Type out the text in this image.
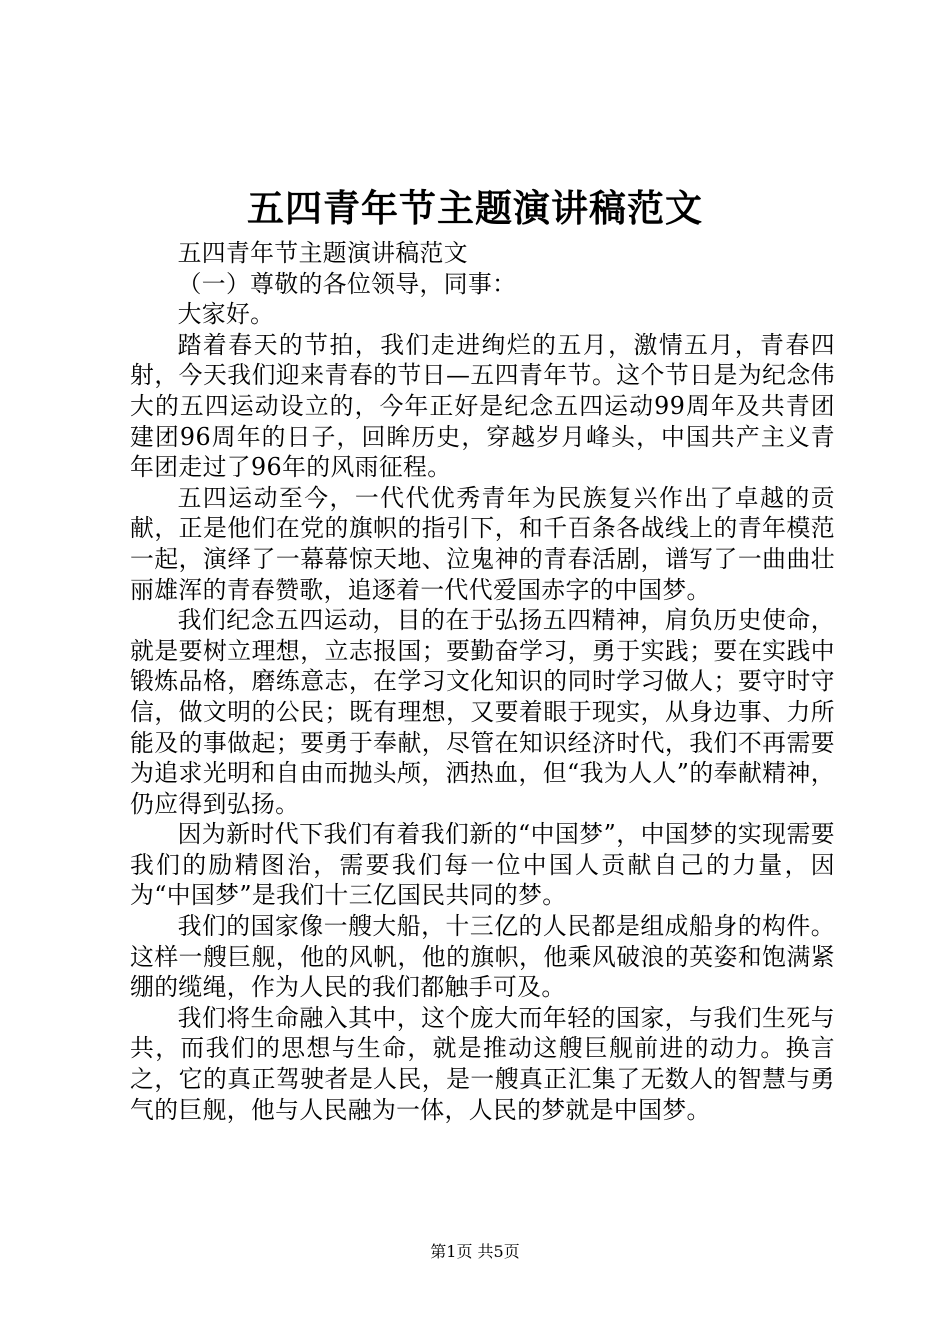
五四青年节主题演讲稿范文

五四青年节主题演讲稿范文

（一）尊敬的各位领导，同事：

大家好。

踏着春天的节拍，我们走进绚烂的五月，激情五月，青春四射，今天我们迎来青春的节日—五四青年节。这个节日是为纪念伟大的五四运动设立的，今年正好是纪念五四运动99周年及共青团建团96周年的日子，回眸历史，穿越岁月峰头，中国共产主义青年团走过了96年的风雨征程。

五四运动至今，一代代优秀青年为民族复兴作出了卓越的贡献，正是他们在党的旗帜的指引下，和千百条各战线上的青年模范一起，演绎了一幕幕惊天地、泣鬼神的青春活剧，谱写了一曲曲壮丽雄浑的青春赞歌，追逐着一代代爱国赤字的中国梦。

我们纪念五四运动，目的在于弘扬五四精神，肩负历史使命，就是要树立理想，立志报国；要勤奋学习，勇于实践；要在实践中锻炼品格，磨练意志，在学习文化知识的同时学习做人；要守时守信，做文明的公民；既有理想，又要着眼于现实，从身边事、力所能及的事做起；要勇于奉献，尽管在知识经济时代，我们不再需要为追求光明和自由而抛头颅，洒热血，但“我为人人”的奉献精神，仍应得到弘扬。

因为新时代下我们有着我们新的“中国梦”，中国梦的实现需要我们的励精图治，需要我们每一位中国人贡献自己的力量，因为“中国梦”是我们十三亿国民共同的梦。

我们的国家像一艘大船，十三亿的人民都是组成船身的构件。这样一艘巨舰，他的风帆，他的旗帜，他乘风破浪的英姿和饱满紧绷的缆绳，作为人民的我们都触手可及。

我们将生命融入其中，这个庞大而年轻的国家，与我们生死与共，而我们的思想与生命，就是推动这艘巨舰前进的动力。换言之，它的真正驾驶者是人民，是一艘真正汇集了无数人的智慧与勇气的巨舰，他与人民融为一体，人民的梦就是中国梦。

第1页 共5页
